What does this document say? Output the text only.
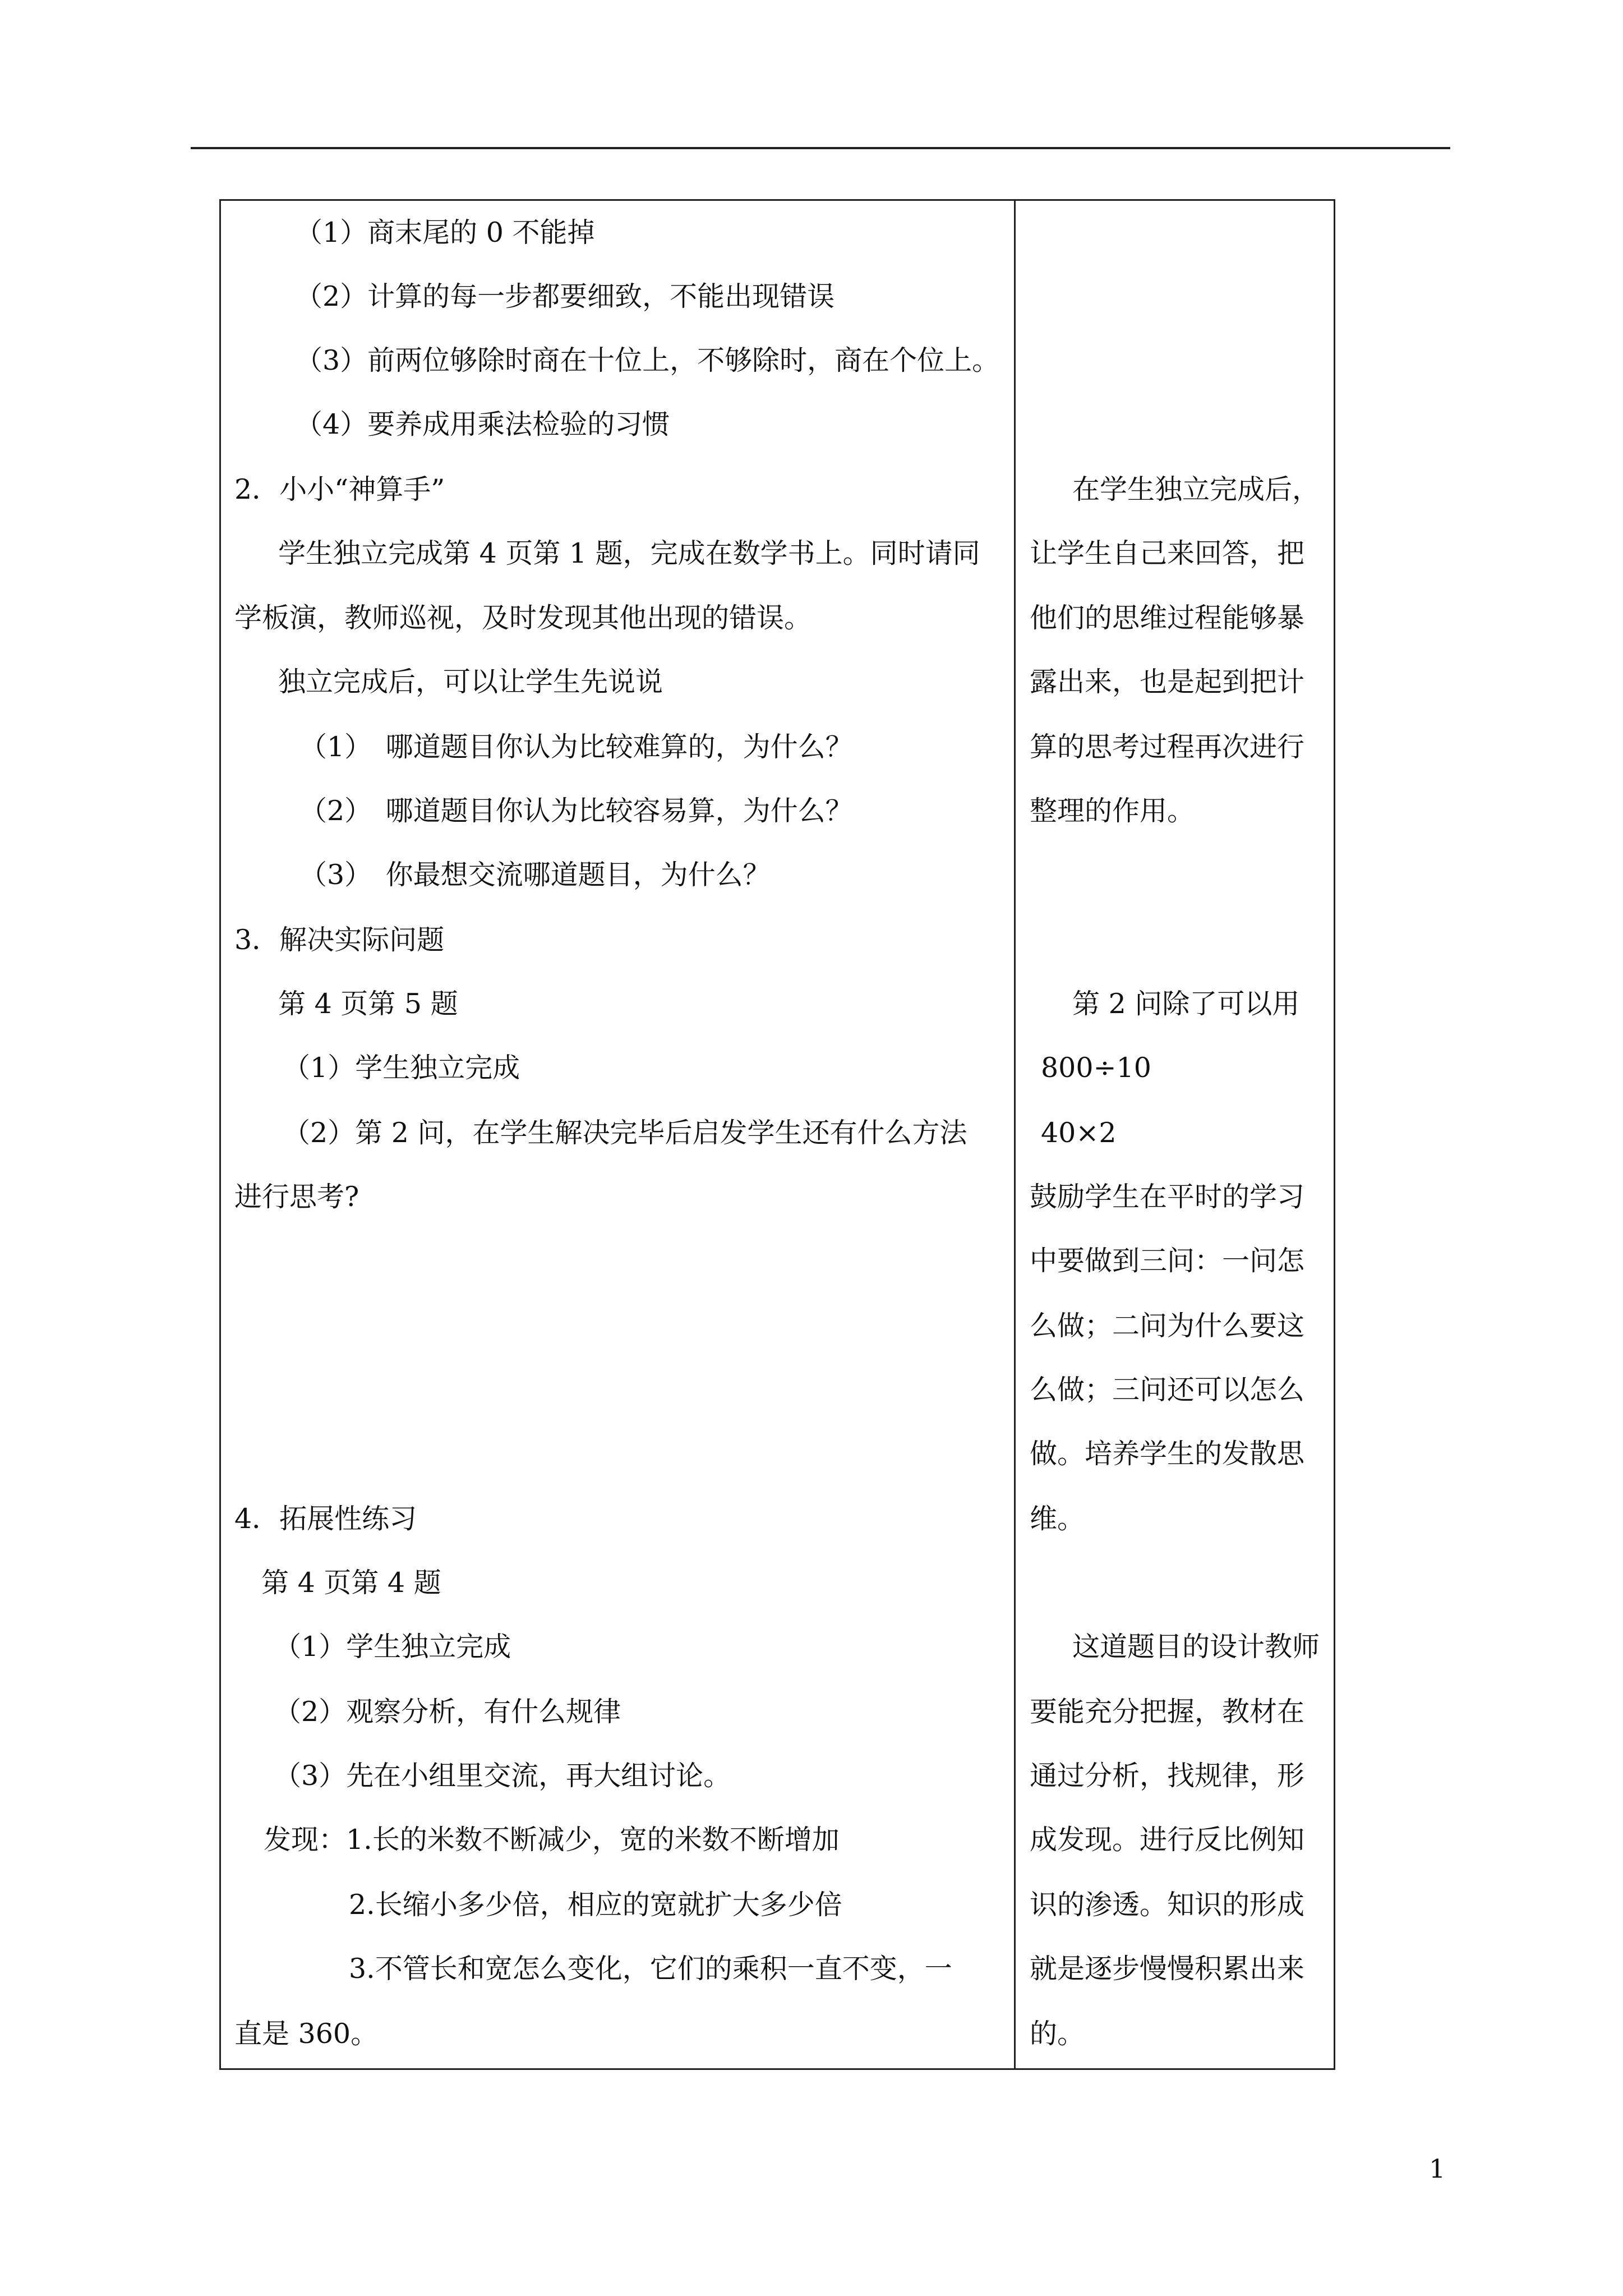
（1）商末尾的 0 不能掉

（2）计算的每一步都要细致，不能出现错误

（3）前两位够除时商在十位上，不够除时，商在个位上。

（4）要养成用乘法检验的习惯

2．小小“神算手”

学生独立完成第 4 页第 1 题，完成在数学书上。同时请同

学板演，教师巡视，及时发现其他出现的错误。

独立完成后，可以让学生先说说

（1）　哪道题目你认为比较难算的，为什么？

（2）　哪道题目你认为比较容易算，为什么？

（3）　你最想交流哪道题目，为什么？

3．解决实际问题

第 4 页第 5 题

（1）学生独立完成

（2）第 2 问，在学生解决完毕后启发学生还有什么方法

进行思考?

4．拓展性练习

第 4 页第 4 题

（1）学生独立完成

（2）观察分析，有什么规律

（3）先在小组里交流，再大组讨论。

发现：1.长的米数不断减少，宽的米数不断增加

2.长缩小多少倍，相应的宽就扩大多少倍

3.不管长和宽怎么变化，它们的乘积一直不变，一

直是 360。

在学生独立完成后，

让学生自己来回答，把

他们的思维过程能够暴

露出来，也是起到把计

算的思考过程再次进行

整理的作用。

第 2 问除了可以用

800÷10

40×2

鼓励学生在平时的学习

中要做到三问：一问怎

么做；二问为什么要这

么做；三问还可以怎么

做。培养学生的发散思

维。

这道题目的设计教师

要能充分把握，教材在

通过分析，找规律，形

成发现。进行反比例知

识的渗透。知识的形成

就是逐步慢慢积累出来

的。

1
